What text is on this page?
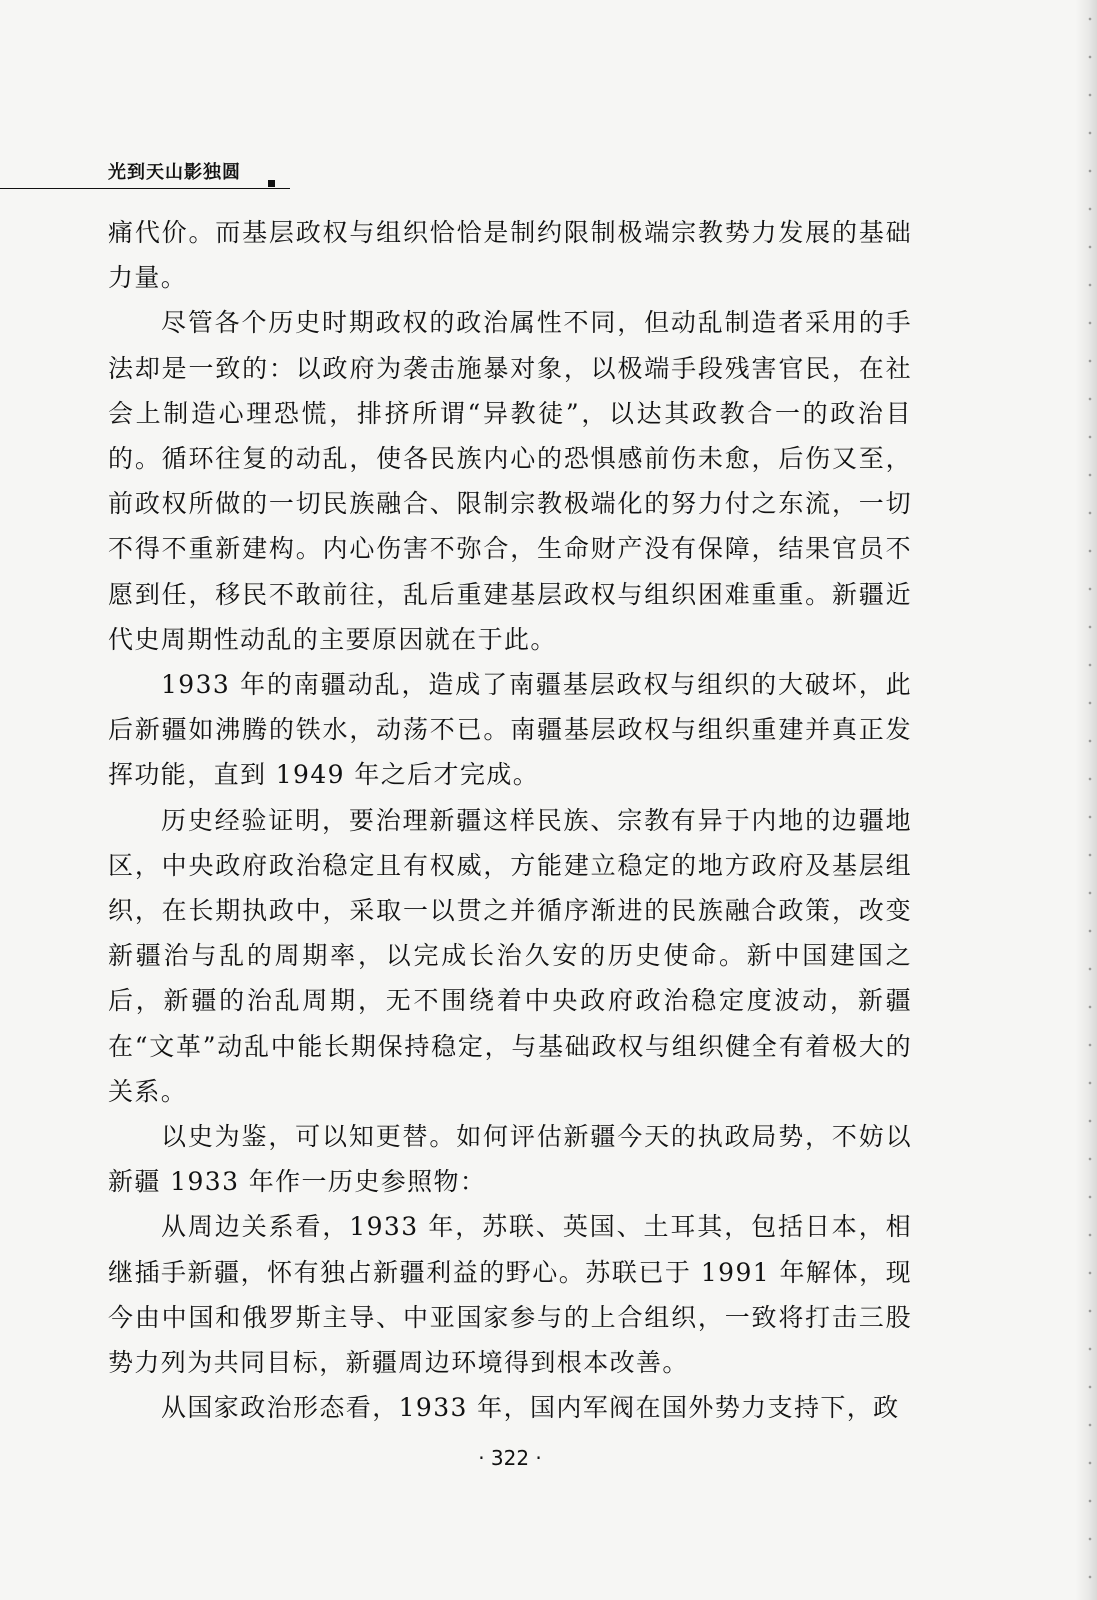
光到天山影独圆

痛代价。而基层政权与组织恰恰是制约限制极端宗教势力发展的基础力量。

尽管各个历史时期政权的政治属性不同，但动乱制造者采用的手法却是一致的：以政府为袭击施暴对象，以极端手段残害官民，在社会上制造心理恐慌，排挤所谓“异教徒”，以达其政教合一的政治目的。循环往复的动乱，使各民族内心的恐惧感前伤未愈，后伤又至，前政权所做的一切民族融合、限制宗教极端化的努力付之东流，一切不得不重新建构。内心伤害不弥合，生命财产没有保障，结果官员不愿到任，移民不敢前往，乱后重建基层政权与组织困难重重。新疆近代史周期性动乱的主要原因就在于此。

1933 年的南疆动乱，造成了南疆基层政权与组织的大破坏，此后新疆如沸腾的铁水，动荡不已。南疆基层政权与组织重建并真正发挥功能，直到 1949 年之后才完成。

历史经验证明，要治理新疆这样民族、宗教有异于内地的边疆地区，中央政府政治稳定且有权威，方能建立稳定的地方政府及基层组织，在长期执政中，采取一以贯之并循序渐进的民族融合政策，改变新疆治与乱的周期率，以完成长治久安的历史使命。新中国建国之后，新疆的治乱周期，无不围绕着中央政府政治稳定度波动，新疆在“文革”动乱中能长期保持稳定，与基础政权与组织健全有着极大的关系。

以史为鉴，可以知更替。如何评估新疆今天的执政局势，不妨以新疆 1933 年作一历史参照物：

从周边关系看，1933 年，苏联、英国、土耳其，包括日本，相继插手新疆，怀有独占新疆利益的野心。苏联已于 1991 年解体，现今由中国和俄罗斯主导、中亚国家参与的上合组织，一致将打击三股势力列为共同目标，新疆周边环境得到根本改善。

从国家政治形态看，1933 年，国内军阀在国外势力支持下，政

· 322 ·
